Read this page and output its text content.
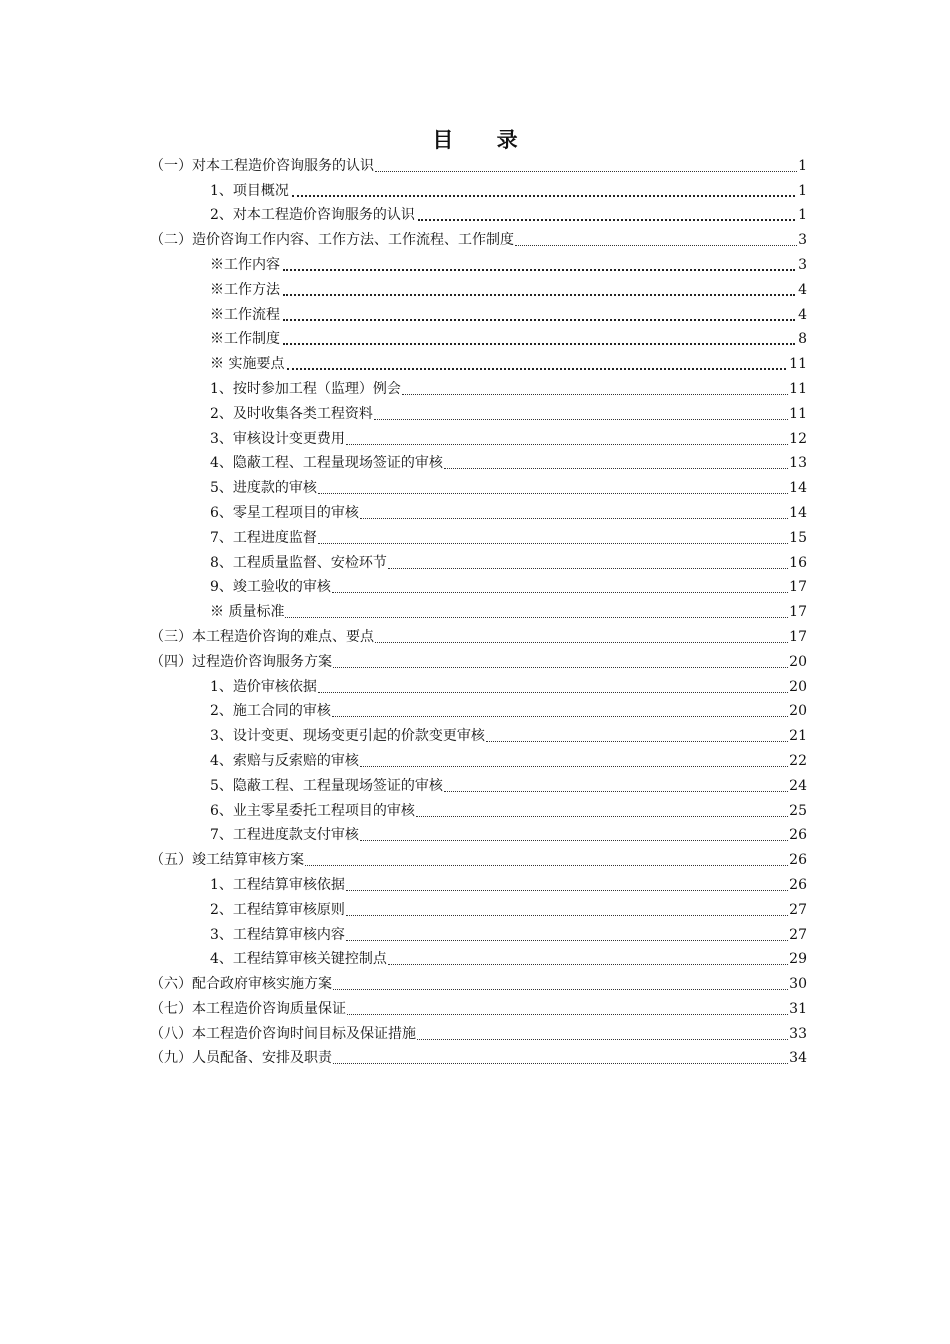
目 录
（一）对本工程造价咨询服务的认识	1
1、项目概况	1
2、对本工程造价咨询服务的认识	1
（二）造价咨询工作内容、工作方法、工作流程、工作制度	3
※工作内容	3
※工作方法	4
※工作流程	4
※工作制度	8
※ 实施要点	11
1、按时参加工程（监理）例会	11
2、及时收集各类工程资料	11
3、审核设计变更费用	12
4、隐蔽工程、工程量现场签证的审核	13
5、进度款的审核	14
6、零星工程项目的审核	14
7、工程进度监督	15
8、工程质量监督、安检环节	16
9、竣工验收的审核	17
※ 质量标准	17
（三）本工程造价咨询的难点、要点	17
（四）过程造价咨询服务方案	20
1、造价审核依据	20
2、施工合同的审核	20
3、设计变更、现场变更引起的价款变更审核	21
4、索赔与反索赔的审核	22
5、隐蔽工程、工程量现场签证的审核	24
6、业主零星委托工程项目的审核	25
7、工程进度款支付审核	26
（五）竣工结算审核方案	26
1、工程结算审核依据	26
2、工程结算审核原则	27
3、工程结算审核内容	27
4、工程结算审核关键控制点	29
（六）配合政府审核实施方案	30
（七）本工程造价咨询质量保证	31
（八）本工程造价咨询时间目标及保证措施	33
（九）人员配备、安排及职责	34
